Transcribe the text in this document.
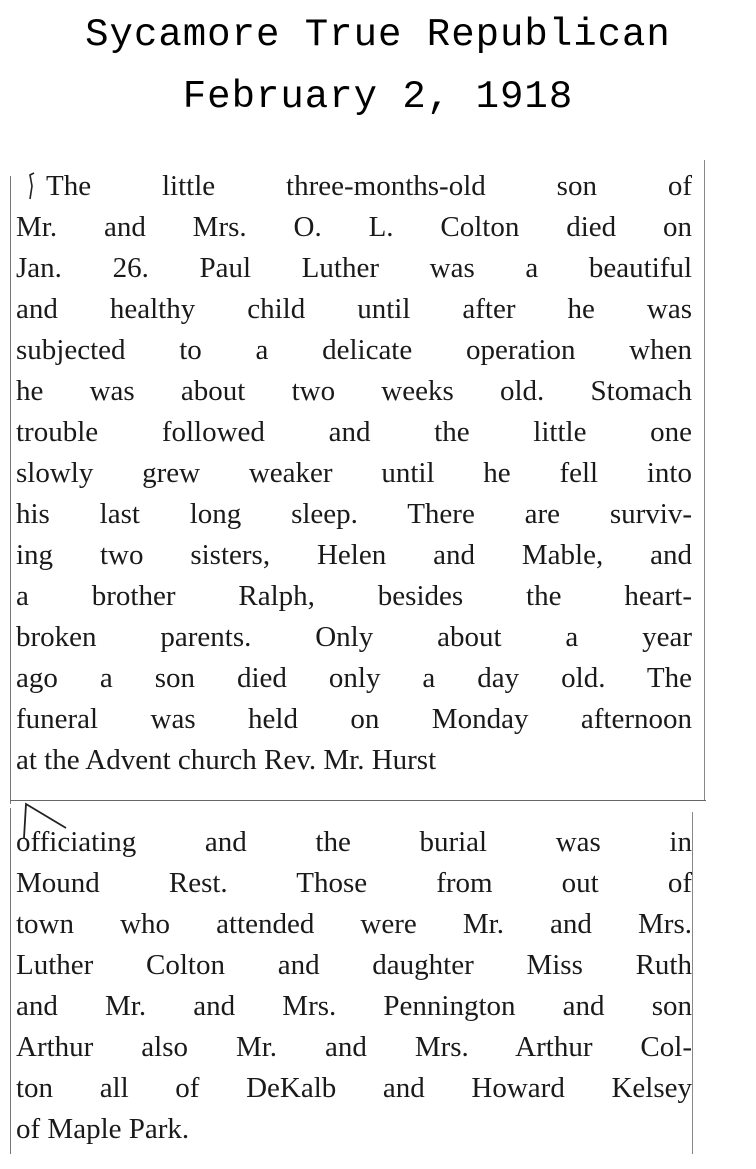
Sycamore True Republican
February 2, 1918
The little three-months-old son of
Mr. and Mrs. O. L. Colton died on
Jan. 26. Paul Luther was a beautiful
and healthy child until after he was
subjected to a delicate operation when
he was about two weeks old. Stomach
trouble followed and the little one
slowly grew weaker until he fell into
his last long sleep. There are surviv-
ing two sisters, Helen and Mable, and
a brother Ralph, besides the heart-
broken parents. Only about a year
ago a son died only a day old. The
funeral was held on Monday afternoon
at the Advent church Rev. Mr. Hurst
officiating and the burial was in
Mound Rest. Those from out of
town who attended were Mr. and Mrs.
Luther Colton and daughter Miss Ruth
and Mr. and Mrs. Pennington and son
Arthur also Mr. and Mrs. Arthur Col-
ton all of DeKalb and Howard Kelsey
of Maple Park.
